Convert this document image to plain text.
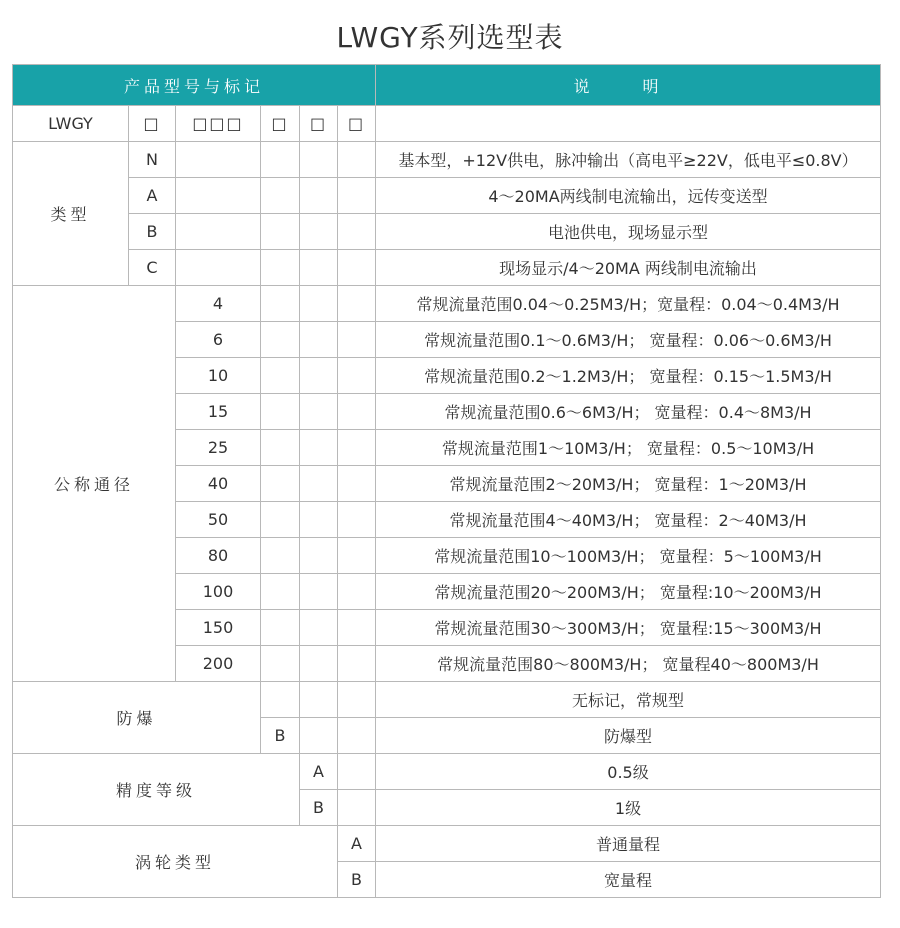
LWGY系列选型表
产品型号与标记						说 明
LWGY	□	□□□	□	□	□	
类型	N					基本型，+12V供电，脉冲输出（高电平≥22V，低电平≤0.8V）
	A					4～20MA两线制电流输出，远传变送型
	B					电池供电，现场显示型
	C					现场显示/4～20MA 两线制电流输出
公称通径		4				常规流量范围0.04～0.25M3/H；宽量程：0.04～0.4M3/H
		6				常规流量范围0.1～0.6M3/H； 宽量程：0.06～0.6M3/H
		10				常规流量范围0.2～1.2M3/H； 宽量程：0.15～1.5M3/H
		15				常规流量范围0.6～6M3/H； 宽量程：0.4～8M3/H
		25				常规流量范围1～10M3/H； 宽量程：0.5～10M3/H
		40				常规流量范围2～20M3/H； 宽量程：1～20M3/H
		50				常规流量范围4～40M3/H； 宽量程：2～40M3/H
		80				常规流量范围10～100M3/H； 宽量程：5～100M3/H
		100				常规流量范围20～200M3/H； 宽量程:10～200M3/H
		150				常规流量范围30～300M3/H； 宽量程:15～300M3/H
		200				常规流量范围80～800M3/H； 宽量程40～800M3/H
防爆						无标记，常规型
			B			防爆型
精度等级				A		0.5级
				B		1级
涡轮类型					A	普通量程
					B	宽量程
